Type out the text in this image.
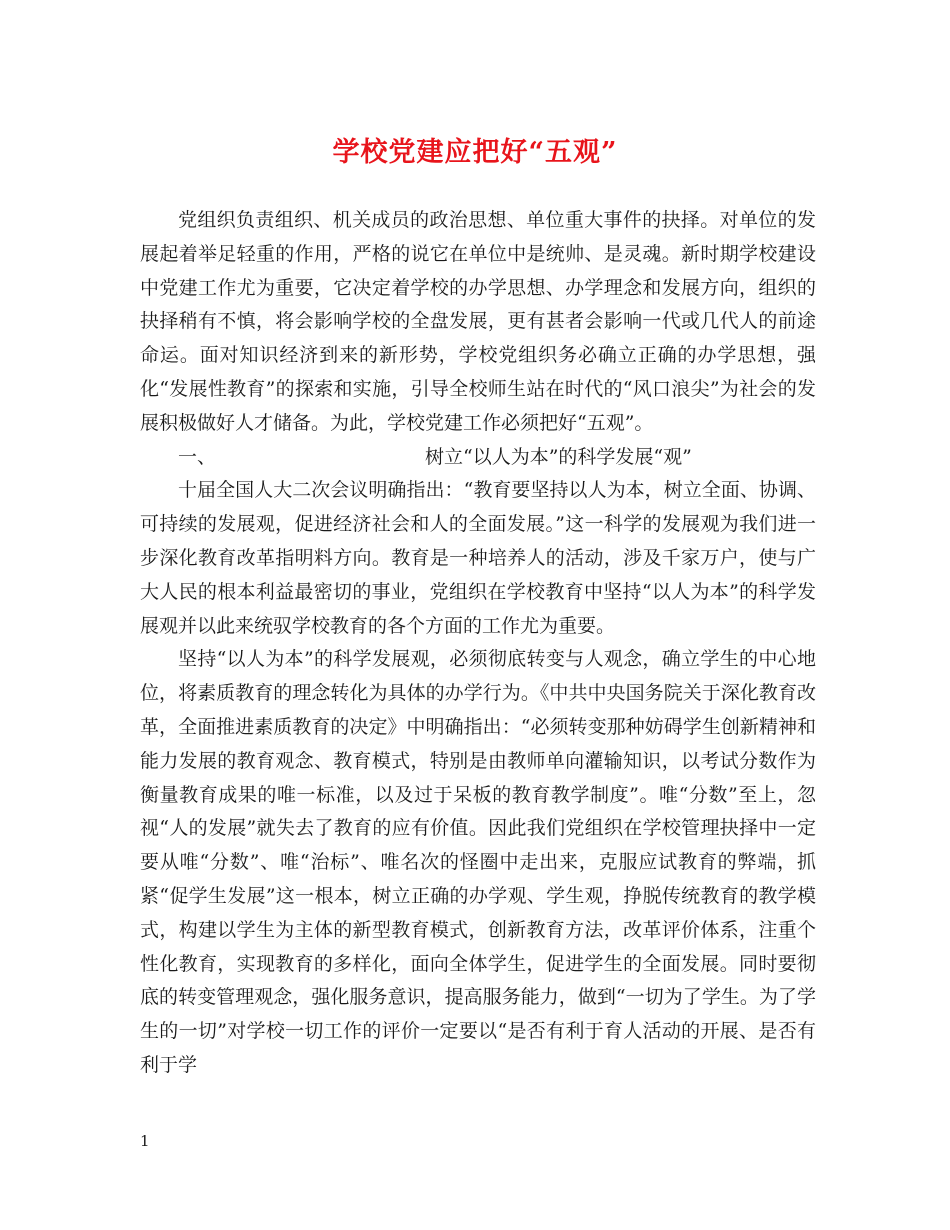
学校党建应把好“五观”

党组织负责组织、机关成员的政治思想、单位重大事件的抉择。对单位的发展起着举足轻重的作用，严格的说它在单位中是统帅、是灵魂。新时期学校建设中党建工作尤为重要，它决定着学校的办学思想、办学理念和发展方向，组织的抉择稍有不慎，将会影响学校的全盘发展，更有甚者会影响一代或几代人的前途命运。面对知识经济到来的新形势，学校党组织务必确立正确的办学思想，强化“发展性教育”的探索和实施，引导全校师生站在时代的“风口浪尖”为社会的发展积极做好人才储备。为此，学校党建工作必须把好“五观”。

一、	树立“以人为本”的科学发展“观”

十届全国人大二次会议明确指出：“教育要坚持以人为本，树立全面、协调、可持续的发展观，促进经济社会和人的全面发展。”这一科学的发展观为我们进一步深化教育改革指明料方向。教育是一种培养人的活动，涉及千家万户，使与广大人民的根本利益最密切的事业，党组织在学校教育中坚持“以人为本”的科学发展观并以此来统驭学校教育的各个方面的工作尤为重要。

坚持“以人为本”的科学发展观，必须彻底转变与人观念，确立学生的中心地位，将素质教育的理念转化为具体的办学行为。《中共中央国务院关于深化教育改革，全面推进素质教育的决定》中明确指出：“必须转变那种妨碍学生创新精神和能力发展的教育观念、教育模式，特别是由教师单向灌输知识，以考试分数作为衡量教育成果的唯一标准，以及过于呆板的教育教学制度”。唯“分数”至上，忽视“人的发展”就失去了教育的应有价值。因此我们党组织在学校管理抉择中一定要从唯“分数”、唯“治标”、唯名次的怪圈中走出来，克服应试教育的弊端，抓紧“促学生发展”这一根本，树立正确的办学观、学生观，挣脱传统教育的教学模式，构建以学生为主体的新型教育模式，创新教育方法，改革评价体系，注重个性化教育，实现教育的多样化，面向全体学生，促进学生的全面发展。同时要彻底的转变管理观念，强化服务意识，提高服务能力，做到“一切为了学生。为了学生的一切”对学校一切工作的评价一定要以“是否有利于育人活动的开展、是否有利于学

1
